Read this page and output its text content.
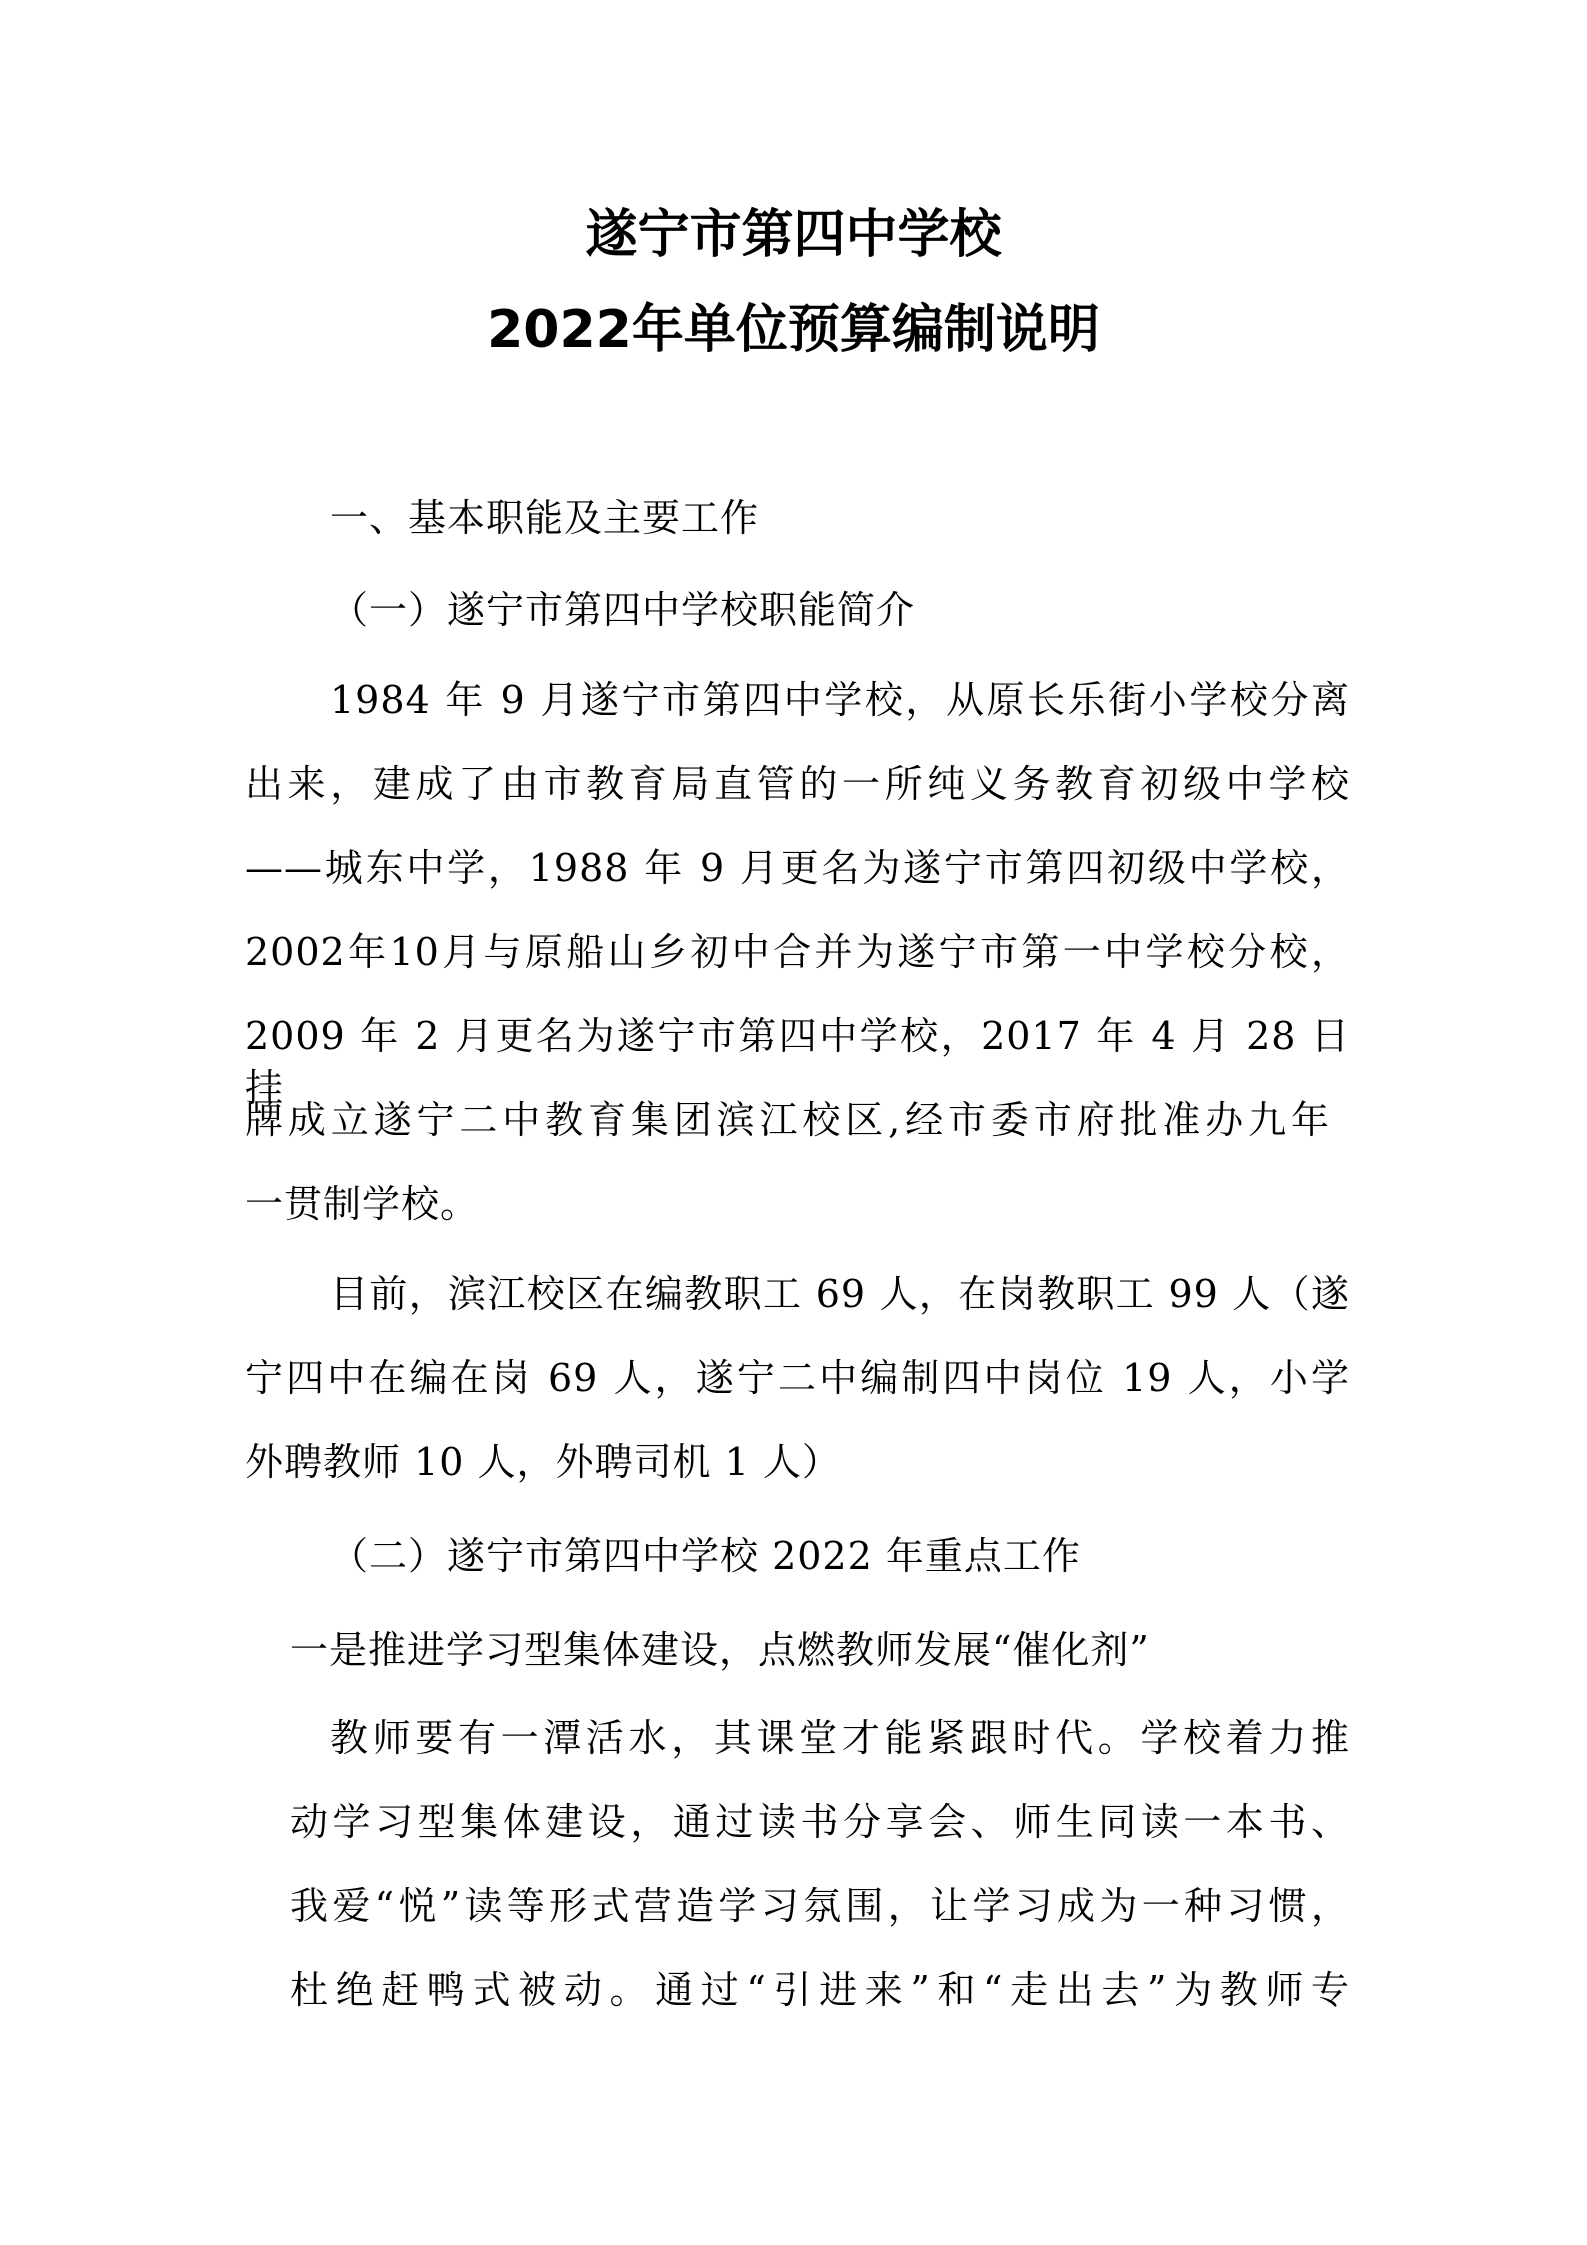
遂宁市第四中学校
2022年单位预算编制说明
一、基本职能及主要工作
（一）遂宁市第四中学校职能简介
1984 年 9 月遂宁市第四中学校，从原长乐街小学校分离
出来，建成了由市教育局直管的一所纯义务教育初级中学校
——城东中学，1988 年 9 月更名为遂宁市第四初级中学校，
2002年10月与原船山乡初中合并为遂宁市第一中学校分校，
2009 年 2 月更名为遂宁市第四中学校，2017 年 4 月 28 日挂
牌成立遂宁二中教育集团滨江校区,经市委市府批准办九年
一贯制学校。
目前，滨江校区在编教职工 69 人，在岗教职工 99 人（遂
宁四中在编在岗 69 人，遂宁二中编制四中岗位 19 人，小学
外聘教师 10 人，外聘司机 1 人）
（二）遂宁市第四中学校 2022 年重点工作
一是推进学习型集体建设，点燃教师发展“催化剂”
教师要有一潭活水，其课堂才能紧跟时代。学校着力推
动学习型集体建设，通过读书分享会、师生同读一本书、
我爱“悦”读等形式营造学习氛围，让学习成为一种习惯，
杜绝赶鸭式被动。通过“引进来”和“走出去”为教师专
